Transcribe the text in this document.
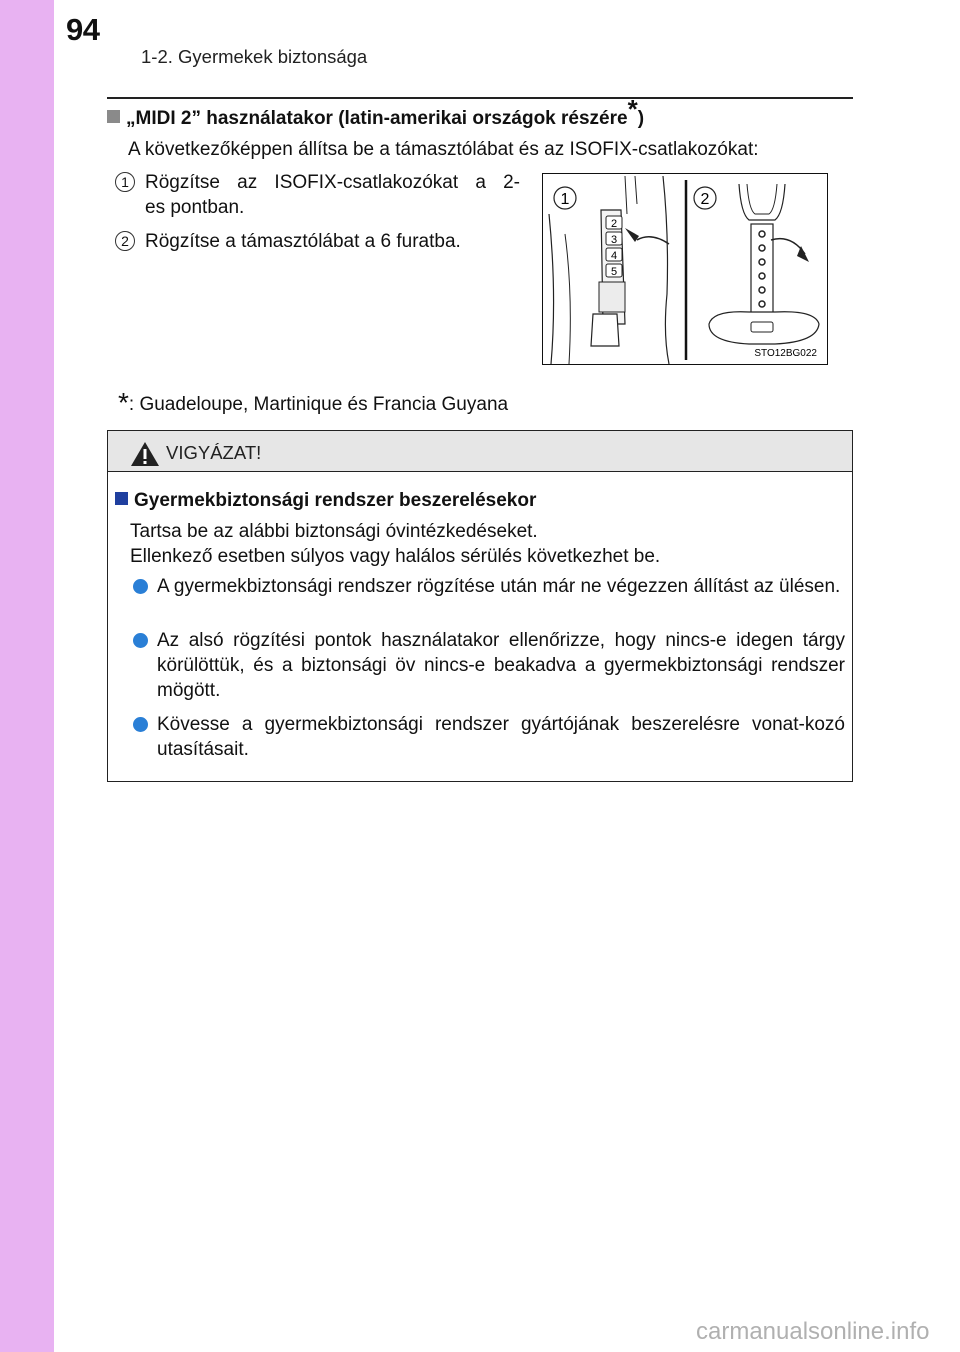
94
1-2. Gyermekek biztonsága
„MIDI 2” használatakor (latin-amerikai országok részére*)
A következőképpen állítsa be a támasztólábat és az ISOFIX-csatlakozókat:
1 Rögzítse az ISOFIX-csatlakozókat a 2-
es pontban.
2 Rögzítse a támasztólábat a 6 furatba.
2
3
4
5
1	2
STO12BG022
*: Guadeloupe, Martinique és Francia Guyana
VIGYÁZAT!
Gyermekbiztonsági rendszer beszerelésekor
Tartsa be az alábbi biztonsági óvintézkedéseket.
Ellenkező esetben súlyos vagy halálos sérülés következhet be.
A gyermekbiztonsági rendszer rögzítése után már ne végezzen állítást az ülésen.
Az alsó rögzítési pontok használatakor ellenőrizze, hogy nincs-e idegen tárgy körülöttük, és a biztonsági öv nincs-e beakadva a gyermekbiztonsági rendszer mögött.
Kövesse a gyermekbiztonsági rendszer gyártójának beszerelésre vonat-kozó utasításait.
carmanualsonline.info
